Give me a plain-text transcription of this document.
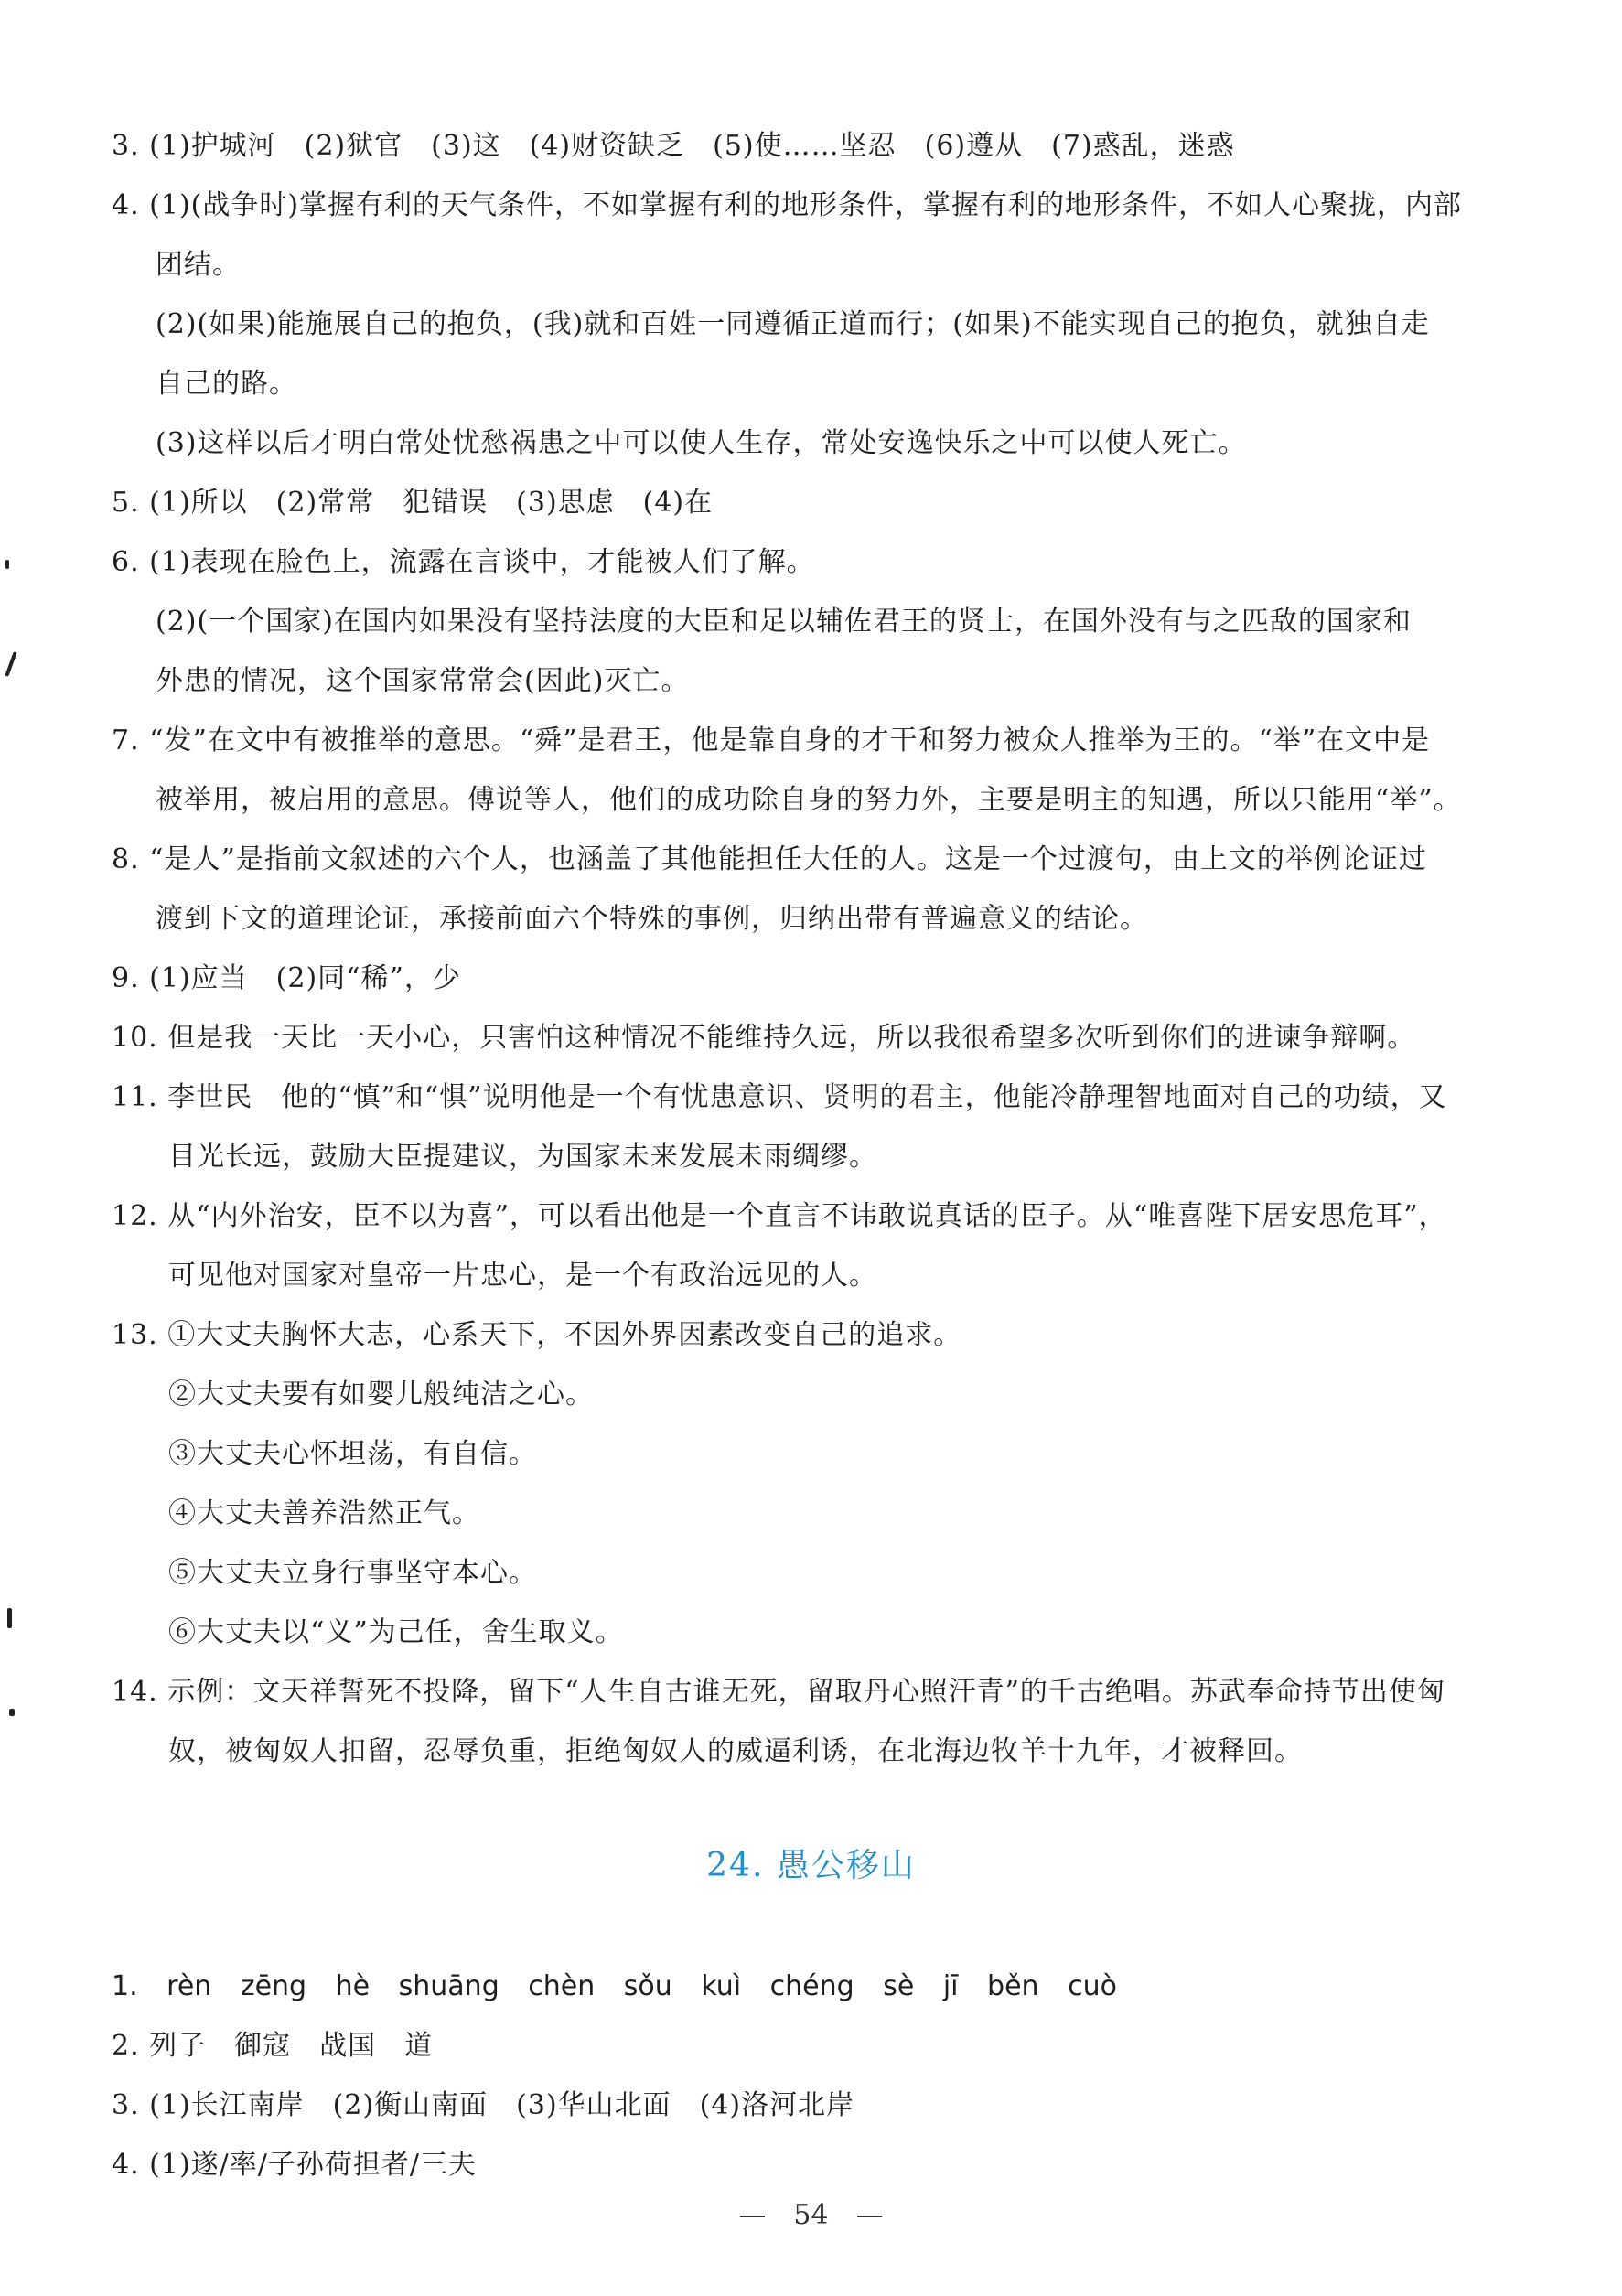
3. (1)护城河　(2)狱官　(3)这　(4)财资缺乏　(5)使……坚忍　(6)遵从　(7)惑乱，迷惑
4. (1)(战争时)掌握有利的天气条件，不如掌握有利的地形条件，掌握有利的地形条件，不如人心聚拢，内部
团结。
(2)(如果)能施展自己的抱负，(我)就和百姓一同遵循正道而行；(如果)不能实现自己的抱负，就独自走
自己的路。
(3)这样以后才明白常处忧愁祸患之中可以使人生存，常处安逸快乐之中可以使人死亡。
5. (1)所以　(2)常常　犯错误　(3)思虑　(4)在
6. (1)表现在脸色上，流露在言谈中，才能被人们了解。
(2)(一个国家)在国内如果没有坚持法度的大臣和足以辅佐君王的贤士，在国外没有与之匹敌的国家和
外患的情况，这个国家常常会(因此)灭亡。
7. “发”在文中有被推举的意思。“舜”是君王，他是靠自身的才干和努力被众人推举为王的。“举”在文中是
被举用，被启用的意思。傅说等人，他们的成功除自身的努力外，主要是明主的知遇，所以只能用“举”。
8. “是人”是指前文叙述的六个人，也涵盖了其他能担任大任的人。这是一个过渡句，由上文的举例论证过
渡到下文的道理论证，承接前面六个特殊的事例，归纳出带有普遍意义的结论。
9. (1)应当　(2)同“稀”，少
10. 但是我一天比一天小心，只害怕这种情况不能维持久远，所以我很希望多次听到你们的进谏争辩啊。
11. 李世民　他的“慎”和“惧”说明他是一个有忧患意识、贤明的君主，他能冷静理智地面对自己的功绩，又
目光长远，鼓励大臣提建议，为国家未来发展未雨绸缪。
12. 从“内外治安，臣不以为喜”，可以看出他是一个直言不讳敢说真话的臣子。从“唯喜陛下居安思危耳”，
可见他对国家对皇帝一片忠心，是一个有政治远见的人。
13. ①大丈夫胸怀大志，心系天下，不因外界因素改变自己的追求。
②大丈夫要有如婴儿般纯洁之心。
③大丈夫心怀坦荡，有自信。
④大丈夫善养浩然正气。
⑤大丈夫立身行事坚守本心。
⑥大丈夫以“义”为己任，舍生取义。
14. 示例：文天祥誓死不投降，留下“人生自古谁无死，留取丹心照汗青”的千古绝唱。苏武奉命持节出使匈
奴，被匈奴人扣留，忍辱负重，拒绝匈奴人的威逼利诱，在北海边牧羊十九年，才被释回。
24. 愚公移山
1. rèn zēng hè shuāng chèn sǒu kuì chéng sè jī běn cuò
2. 列子　御寇　战国　道
3. (1)长江南岸　(2)衡山南面　(3)华山北面　(4)洛河北岸
4. (1)遂/率/子孙荷担者/三夫
—　54　—
